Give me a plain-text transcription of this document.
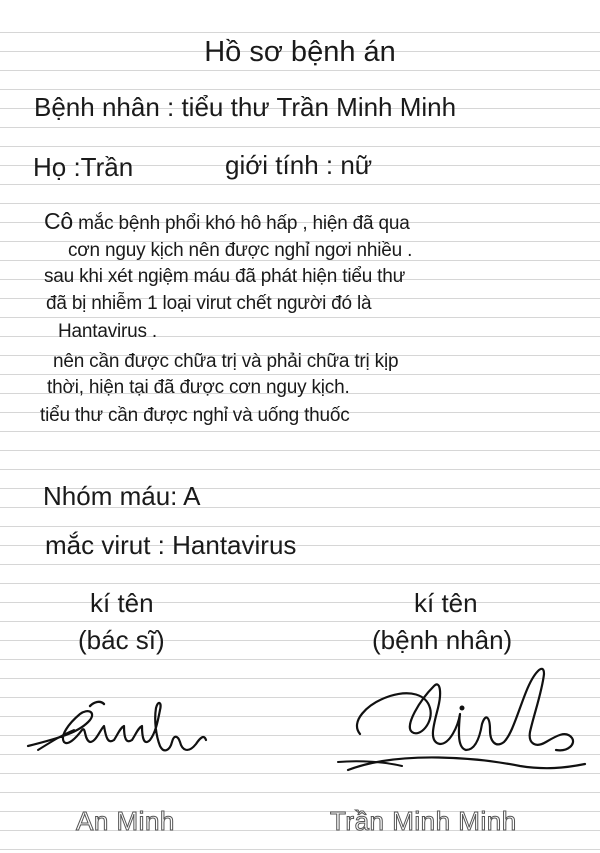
Hồ sơ bệnh án
Bệnh nhân : tiểu thư Trần Minh Minh
Họ :Trần	giới tính : nữ
Cô mắc bệnh phổi khó hô hấp , hiện đã qua
cơn nguy kịch nên được nghỉ ngơi nhiều .
sau khi xét ngiệm máu đã phát hiện tiểu thư
đã bị nhiễm 1 loại virut chết người đó là
Hantavirus .
nên cần được chữa trị và phải chữa trị kịp
thời, hiện tại đã được cơn nguy kịch.
tiểu thư cần được nghỉ và uống thuốc
Nhóm máu: A
mắc virut : Hantavirus
kí tên
(bác sĩ)
An Minh
kí tên
(bệnh nhân)
Trần Minh Minh
